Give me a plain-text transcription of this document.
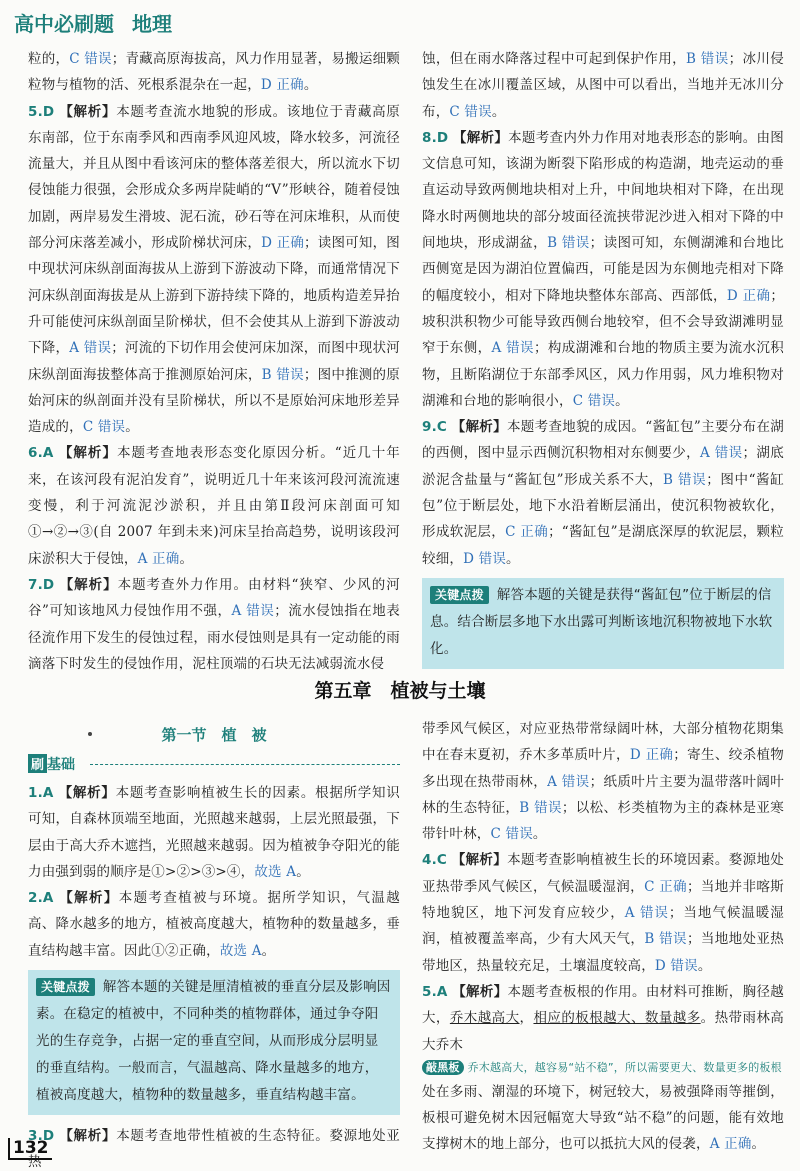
高中必刷题 地理

粒的，C 错误；青藏高原海拔高，风力作用显著，易搬运细颗粒物与植物的活、死根系混杂在一起，D 正确。

5.D 【解析】本题考查流水地貌的形成。该地位于青藏高原东南部，位于东南季风和西南季风迎风坡，降水较多，河流径流量大，并且从图中看该河床的整体落差很大，所以流水下切侵蚀能力很强，会形成众多两岸陡峭的“V”形峡谷，随着侵蚀加剧，两岸易发生滑坡、泥石流，砂石等在河床堆积，从而使部分河床落差减小，形成阶梯状河床，D 正确；读图可知，图中现状河床纵剖面海拔从上游到下游波动下降，而通常情况下河床纵剖面海拔是从上游到下游持续下降的，地质构造差异抬升可能使河床纵剖面呈阶梯状，但不会使其从上游到下游波动下降，A 错误；河流的下切作用会使河床加深，而图中现状河床纵剖面海拔整体高于推测原始河床，B 错误；图中推测的原始河床的纵剖面并没有呈阶梯状，所以不是原始河床地形差异造成的，C 错误。

6.A 【解析】本题考查地表形态变化原因分析。“近几十年来，在该河段有泥泊发育”，说明近几十年来该河段河流流速变慢，利于河流泥沙淤积，并且由第Ⅱ段河床剖面可知①→②→③(自 2007 年到未来)河床呈抬高趋势，说明该段河床淤积大于侵蚀，A 正确。

7.D 【解析】本题考查外力作用。由材料“狭窄、少风的河谷”可知该地风力侵蚀作用不强，A 错误；流水侵蚀指在地表径流作用下发生的侵蚀过程，雨水侵蚀则是具有一定动能的雨滴落下时发生的侵蚀作用，泥柱顶端的石块无法减弱流水侵

蚀，但在雨水降落过程中可起到保护作用，B 错误；冰川侵蚀发生在冰川覆盖区域，从图中可以看出，当地并无冰川分布，C 错误。

8.D 【解析】本题考查内外力作用对地表形态的影响。由图文信息可知，该湖为断裂下陷形成的构造湖，地壳运动的垂直运动导致两侧地块相对上升，中间地块相对下降，在出现降水时两侧地块的部分坡面径流挟带泥沙进入相对下降的中间地块，形成湖盆，B 错误；读图可知，东侧湖滩和台地比西侧宽是因为湖泊位置偏西，可能是因为东侧地壳相对下降的幅度较小，相对下降地块整体东部高、西部低，D 正确；坡积洪积物少可能导致西侧台地较窄，但不会导致湖滩明显窄于东侧，A 错误；构成湖滩和台地的物质主要为流水沉积物，且断陷湖位于东部季风区，风力作用弱，风力堆积物对湖滩和台地的影响很小，C 错误。

9.C 【解析】本题考查地貌的成因。“酱缸包”主要分布在湖的西侧，图中显示西侧沉积物相对东侧要少，A 错误；湖底淤泥含盐量与“酱缸包”形成关系不大，B 错误；图中“酱缸包”位于断层处，地下水沿着断层涌出，使沉积物被软化，形成软泥层，C 正确；“酱缸包”是湖底深厚的软泥层，颗粒较细，D 错误。

关键点拨 解答本题的关键是获得“酱缸包”位于断层的信息。结合断层多地下水出露可判断该地沉积物被地下水软化。
第五章　植被与土壤
第一节　植　被
刷 基础

1.A 【解析】本题考查影响植被生长的因素。根据所学知识可知，自森林顶端至地面，光照越来越弱，上层光照最强，下层由于高大乔木遮挡，光照越来越弱。因为植被争夺阳光的能力由强到弱的顺序是①>②>③>④，故选 A。

2.A 【解析】本题考查植被与环境。据所学知识，气温越高、降水越多的地方，植被高度越大，植物种的数量越多，垂直结构越丰富。因此①②正确，故选 A。

关键点拨 解答本题的关键是厘清植被的垂直分层及影响因素。在稳定的植被中，不同种类的植物群体，通过争夺阳光的生存竞争，占据一定的垂直空间，从而形成分层明显的垂直结构。一般而言，气温越高、降水量越多的地方，植被高度越大，植物种的数量越多，垂直结构越丰富。

3.D 【解析】本题考查地带性植被的生态特征。婺源地处亚热

带季风气候区，对应亚热带常绿阔叶林，大部分植物花期集中在春末夏初，乔木多革质叶片，D 正确；寄生、绞杀植物多出现在热带雨林，A 错误；纸质叶片主要为温带落叶阔叶林的生态特征，B 错误；以松、杉类植物为主的森林是亚寒带针叶林，C 错误。

4.C 【解析】本题考查影响植被生长的环境因素。婺源地处亚热带季风气候区，气候温暖湿润，C 正确；当地并非喀斯特地貌区，地下河发育应较少，A 错误；当地气候温暖湿润，植被覆盖率高，少有大风天气，B 错误；当地地处亚热带地区，热量较充足，土壤温度较高，D 错误。

5.A 【解析】本题考查板根的作用。由材料可推断，胸径越大，乔木越高大，相应的板根越大、数量越多。热带雨林高大乔木

敲黑板 乔木越高大，越容易“站不稳”，所以需要更大、数量更多的板根

处在多雨、潮湿的环境下，树冠较大，易被强降雨等摧倒，板根可避免树木因冠幅宽大导致“站不稳”的问题，能有效地支撑树木的地上部分，也可以抵抗大风的侵袭，A 正确。

132
